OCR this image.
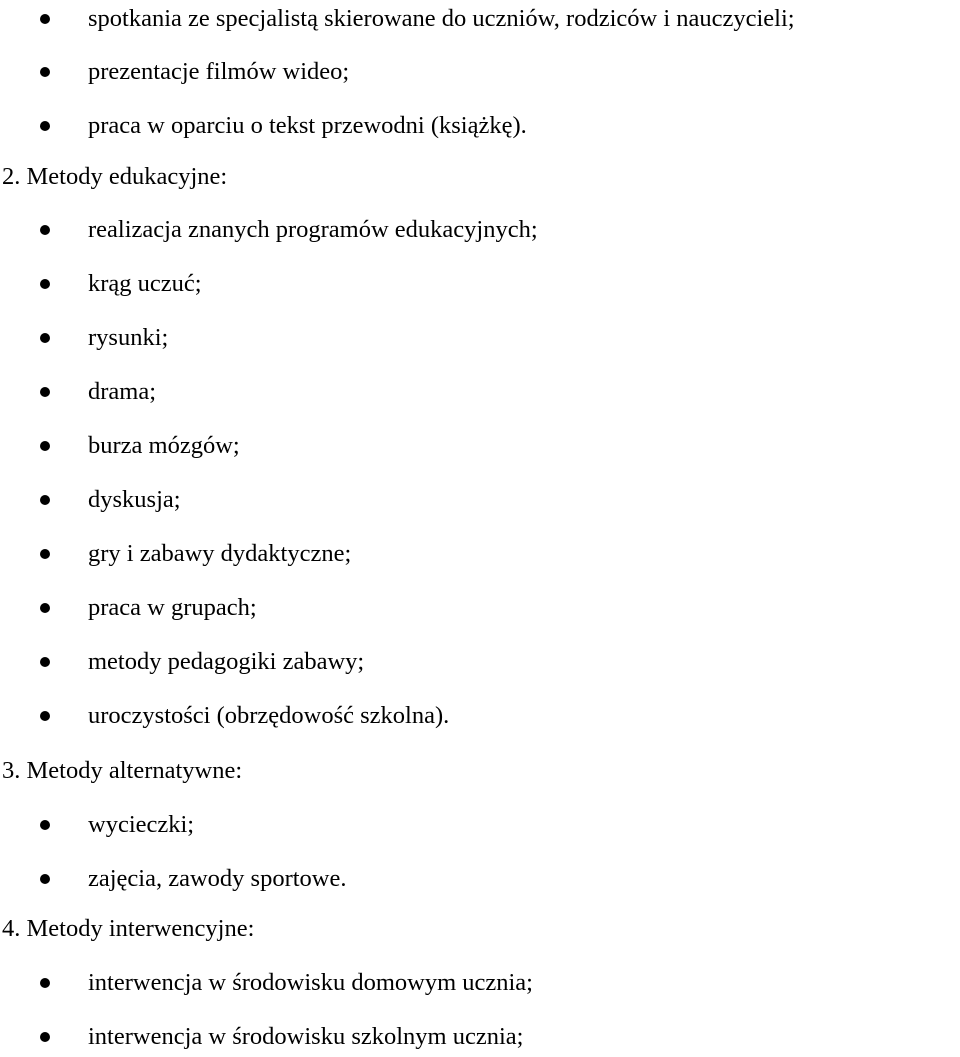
spotkania ze specjalistą skierowane do uczniów, rodziców i nauczycieli;
prezentacje filmów wideo;
praca w oparciu o tekst przewodni (książkę).
2. Metody edukacyjne:
realizacja znanych programów edukacyjnych;
krąg uczuć;
rysunki;
drama;
burza mózgów;
dyskusja;
gry i zabawy dydaktyczne;
praca w grupach;
metody pedagogiki zabawy;
uroczystości (obrzędowość szkolna).
3. Metody alternatywne:
wycieczki;
zajęcia, zawody sportowe.
4. Metody interwencyjne:
interwencja w środowisku domowym ucznia;
interwencja w środowisku szkolnym ucznia;
